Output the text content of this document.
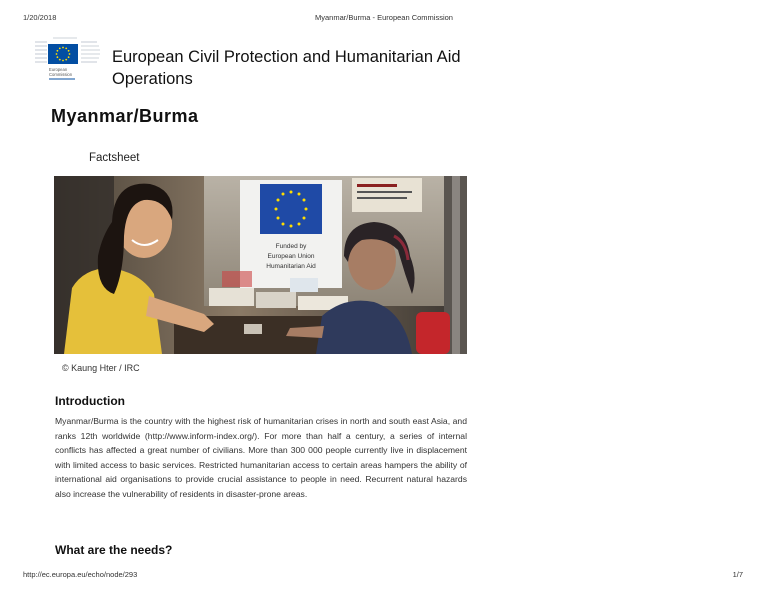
1/20/2018	Myanmar/Burma - European Commission
European
Commission
European Civil Protection and Humanitarian Aid Operations
Myanmar/Burma
Factsheet
Funded by
European Union
Humanitarian Aid
© Kaung Hter / IRC
Introduction

Myanmar/Burma is the country with the highest risk of humanitarian crises in north and south east Asia, and ranks 12th worldwide (http://www.inform-index.org/). For more than half a century, a series of internal conflicts has affected a great number of civilians. More than 300 000 people currently live in displacement with limited access to basic services. Restricted humanitarian access to certain areas hampers the ability of international aid organisations to provide crucial assistance to people in need. Recurrent natural hazards also increase the vulnerability of residents in disaster-prone areas.

What are the needs?
http://ec.europa.eu/echo/node/293	1/7
